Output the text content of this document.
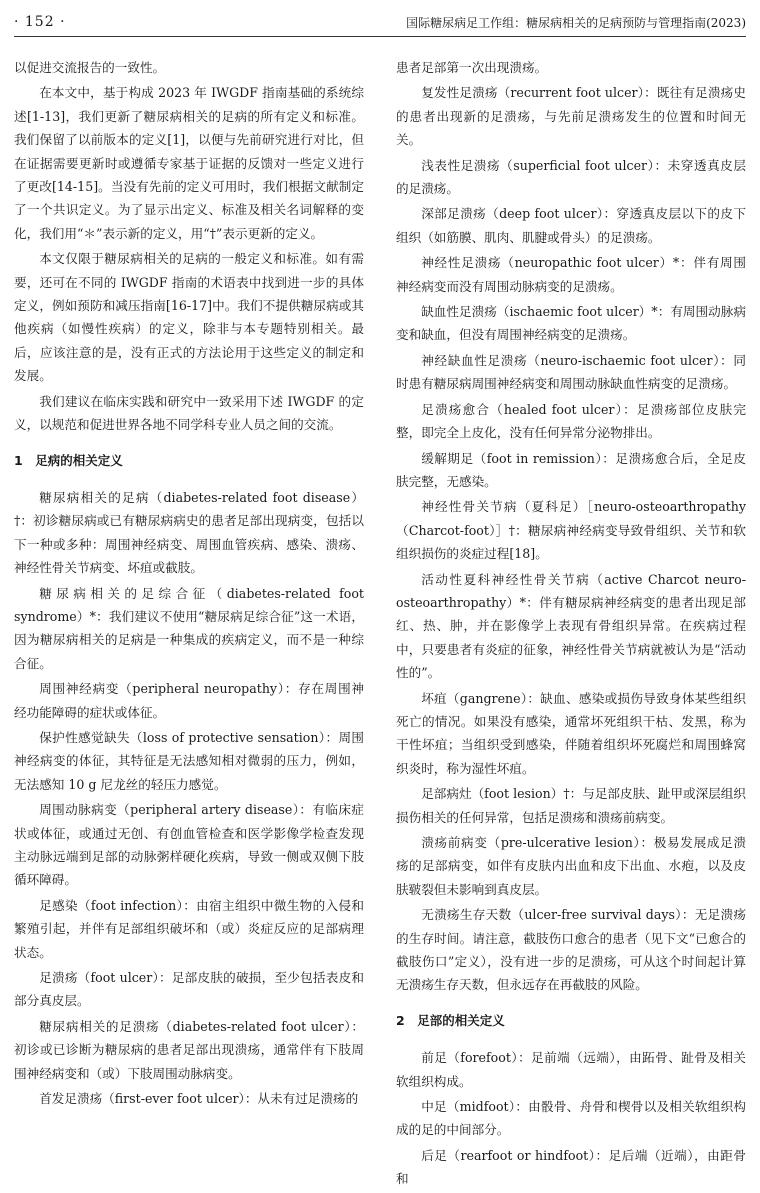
· 152 ·	国际糖尿病足工作组：糖尿病相关的足病预防与管理指南(2023)

以促进交流报告的一致性。

在本文中，基于构成 2023 年 IWGDF 指南基础的系统综述[1-13]，我们更新了糖尿病相关的足病的所有定义和标准。我们保留了以前版本的定义[1]，以便与先前研究进行对比，但在证据需要更新时或遵循专家基于证据的反馈对一些定义进行了更改[14-15]。当没有先前的定义可用时，我们根据文献制定了一个共识定义。为了显示出定义、标准及相关名词解释的变化，我们用“＊”表示新的定义，用“†”表示更新的定义。

本文仅限于糖尿病相关的足病的一般定义和标准。如有需要，还可在不同的 IWGDF 指南的术语表中找到进一步的具体定义，例如预防和减压指南[16-17]中。我们不提供糖尿病或其他疾病（如慢性疾病）的定义，除非与本专题特别相关。最后，应该注意的是，没有正式的方法论用于这些定义的制定和发展。

我们建议在临床实践和研究中一致采用下述 IWGDF 的定义，以规范和促进世界各地不同学科专业人员之间的交流。

1　足病的相关定义

糖尿病相关的足病（diabetes-related foot disease）†：初诊糖尿病或已有糖尿病病史的患者足部出现病变，包括以下一种或多种：周围神经病变、周围血管疾病、感染、溃疡、神经性骨关节病变、坏疽或截肢。

糖尿病相关的足综合征（diabetes-related foot syndrome）*：我们建议不使用“糖尿病足综合征”这一术语，因为糖尿病相关的足病是一种集成的疾病定义，而不是一种综合征。

周围神经病变（peripheral neuropathy）：存在周围神经功能障碍的症状或体征。

保护性感觉缺失（loss of protective sensation）：周围神经病变的体征，其特征是无法感知相对微弱的压力，例如，无法感知 10 g 尼龙丝的轻压力感觉。

周围动脉病变（peripheral artery disease）：有临床症状或体征，或通过无创、有创血管检查和医学影像学检查发现主动脉远端到足部的动脉粥样硬化疾病，导致一侧或双侧下肢循环障碍。

足感染（foot infection）：由宿主组织中微生物的入侵和繁殖引起，并伴有足部组织破坏和（或）炎症反应的足部病理状态。

足溃疡（foot ulcer）：足部皮肤的破损，至少包括表皮和部分真皮层。

糖尿病相关的足溃疡（diabetes-related foot ulcer）：初诊或已诊断为糖尿病的患者足部出现溃疡，通常伴有下肢周围神经病变和（或）下肢周围动脉病变。

首发足溃疡（first-ever foot ulcer）：从未有过足溃疡的

患者足部第一次出现溃疡。

复发性足溃疡（recurrent foot ulcer）：既往有足溃疡史的患者出现新的足溃疡，与先前足溃疡发生的位置和时间无关。

浅表性足溃疡（superficial foot ulcer）：未穿透真皮层的足溃疡。

深部足溃疡（deep foot ulcer）：穿透真皮层以下的皮下组织（如筋膜、肌肉、肌腱或骨头）的足溃疡。

神经性足溃疡（neuropathic foot ulcer）*：伴有周围神经病变而没有周围动脉病变的足溃疡。

缺血性足溃疡（ischaemic foot ulcer）*：有周围动脉病变和缺血，但没有周围神经病变的足溃疡。

神经缺血性足溃疡（neuro-ischaemic foot ulcer）：同时患有糖尿病周围神经病变和周围动脉缺血性病变的足溃疡。

足溃疡愈合（healed foot ulcer）：足溃疡部位皮肤完整，即完全上皮化，没有任何异常分泌物排出。

缓解期足（foot in remission）：足溃疡愈合后，全足皮肤完整，无感染。

神经性骨关节病（夏科足）［neuro-osteoarthropathy（Charcot-foot）］†：糖尿病神经病变导致骨组织、关节和软组织损伤的炎症过程[18]。

活动性夏科神经性骨关节病（active Charcot neuro-osteoarthropathy）*：伴有糖尿病神经病变的患者出现足部红、热、肿，并在影像学上表现有骨组织异常。在疾病过程中，只要患者有炎症的征象，神经性骨关节病就被认为是“活动性的”。

坏疽（gangrene）：缺血、感染或损伤导致身体某些组织死亡的情况。如果没有感染，通常坏死组织干枯、发黑，称为干性坏疽；当组织受到感染，伴随着组织坏死腐烂和周围蜂窝织炎时，称为湿性坏疽。

足部病灶（foot lesion）†：与足部皮肤、趾甲或深层组织损伤相关的任何异常，包括足溃疡和溃疡前病变。

溃疡前病变（pre-ulcerative lesion）：极易发展成足溃疡的足部病变，如伴有皮肤内出血和皮下出血、水疱，以及皮肤皲裂但未影响到真皮层。

无溃疡生存天数（ulcer-free survival days）：无足溃疡的生存时间。请注意，截肢伤口愈合的患者（见下文“已愈合的截肢伤口”定义），没有进一步的足溃疡，可从这个时间起计算无溃疡生存天数，但永远存在再截肢的风险。

2　足部的相关定义

前足（forefoot）：足前端（远端），由跖骨、趾骨及相关软组织构成。

中足（midfoot）：由骰骨、舟骨和楔骨以及相关软组织构成的足的中间部分。

后足（rearfoot or hindfoot）：足后端（近端），由距骨和
